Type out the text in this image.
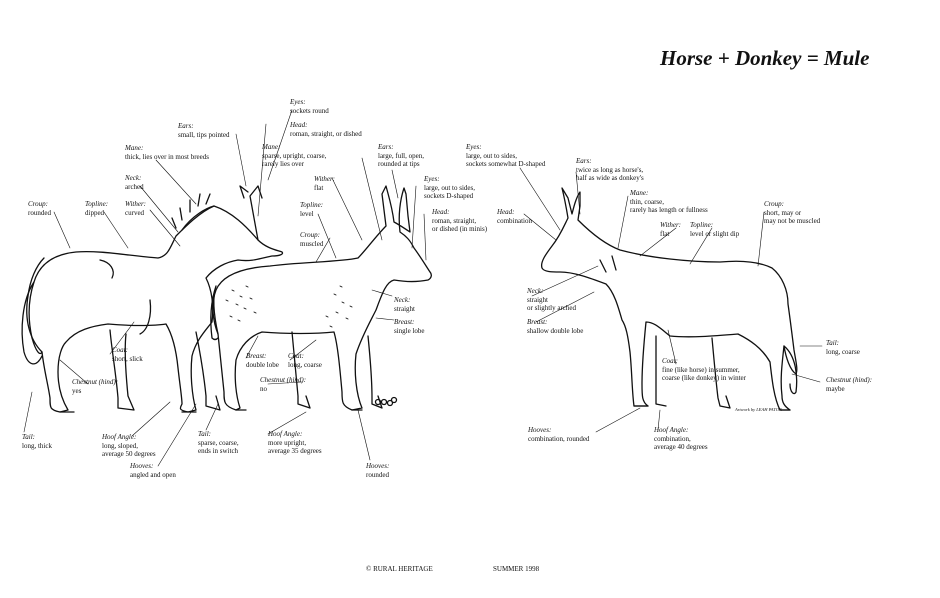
Horse + Donkey = Mule
Eyes:
sockets round
Head:
roman, straight, or dished
Ears:
small, tips pointed
Mane:
thick, lies over in most breeds
Neck:
arched
Croup:
rounded
Topline:
dipped
Wither:
curved
Coat:
short, slick
Chestnut (hind):
yes
Tail:
long, thick
Hoof Angle:
long, sloped,
average 50 degrees
Hooves:
angled and open
Mane:
sparse, upright, coarse,
rarely lies over
Wither:
flat
Topline:
level
Croup:
muscled
Ears:
large, full, open,
rounded at tips
Eyes:
large, out to sides,
sockets D-shaped
Head:
roman, straight,
or dished (in minis)
Neck:
straight
Breast:
single lobe
Breast:
double lobe
Coat:
long, coarse
Chestnut (hind):
no
Tail:
sparse, coarse,
ends in switch
Hoof Angle:
more upright,
average 35 degrees
Hooves:
rounded
Eyes:
large, out to sides,
sockets somewhat D-shaped	Ears:
twice as long as horse's,
half as wide as donkey's
Head:
combination
Mane:
thin, coarse,
rarely has length or fullness
Wither:
flat
Topline:
level or slight dip
Croup:
short, may or
may not be muscled
Neck:
straight
or slightly arched
Breast:
shallow double lobe
Tail:
long, coarse
Coat:
fine (like horse) in summer,
coarse (like donkey) in winter	Chestnut (hind):
maybe
Hooves:
combination, rounded
Hoof Angle:
combination,
average 40 degrees
Artwork by LEAH PATON
© RURAL HERITAGE	SUMMER 1998
